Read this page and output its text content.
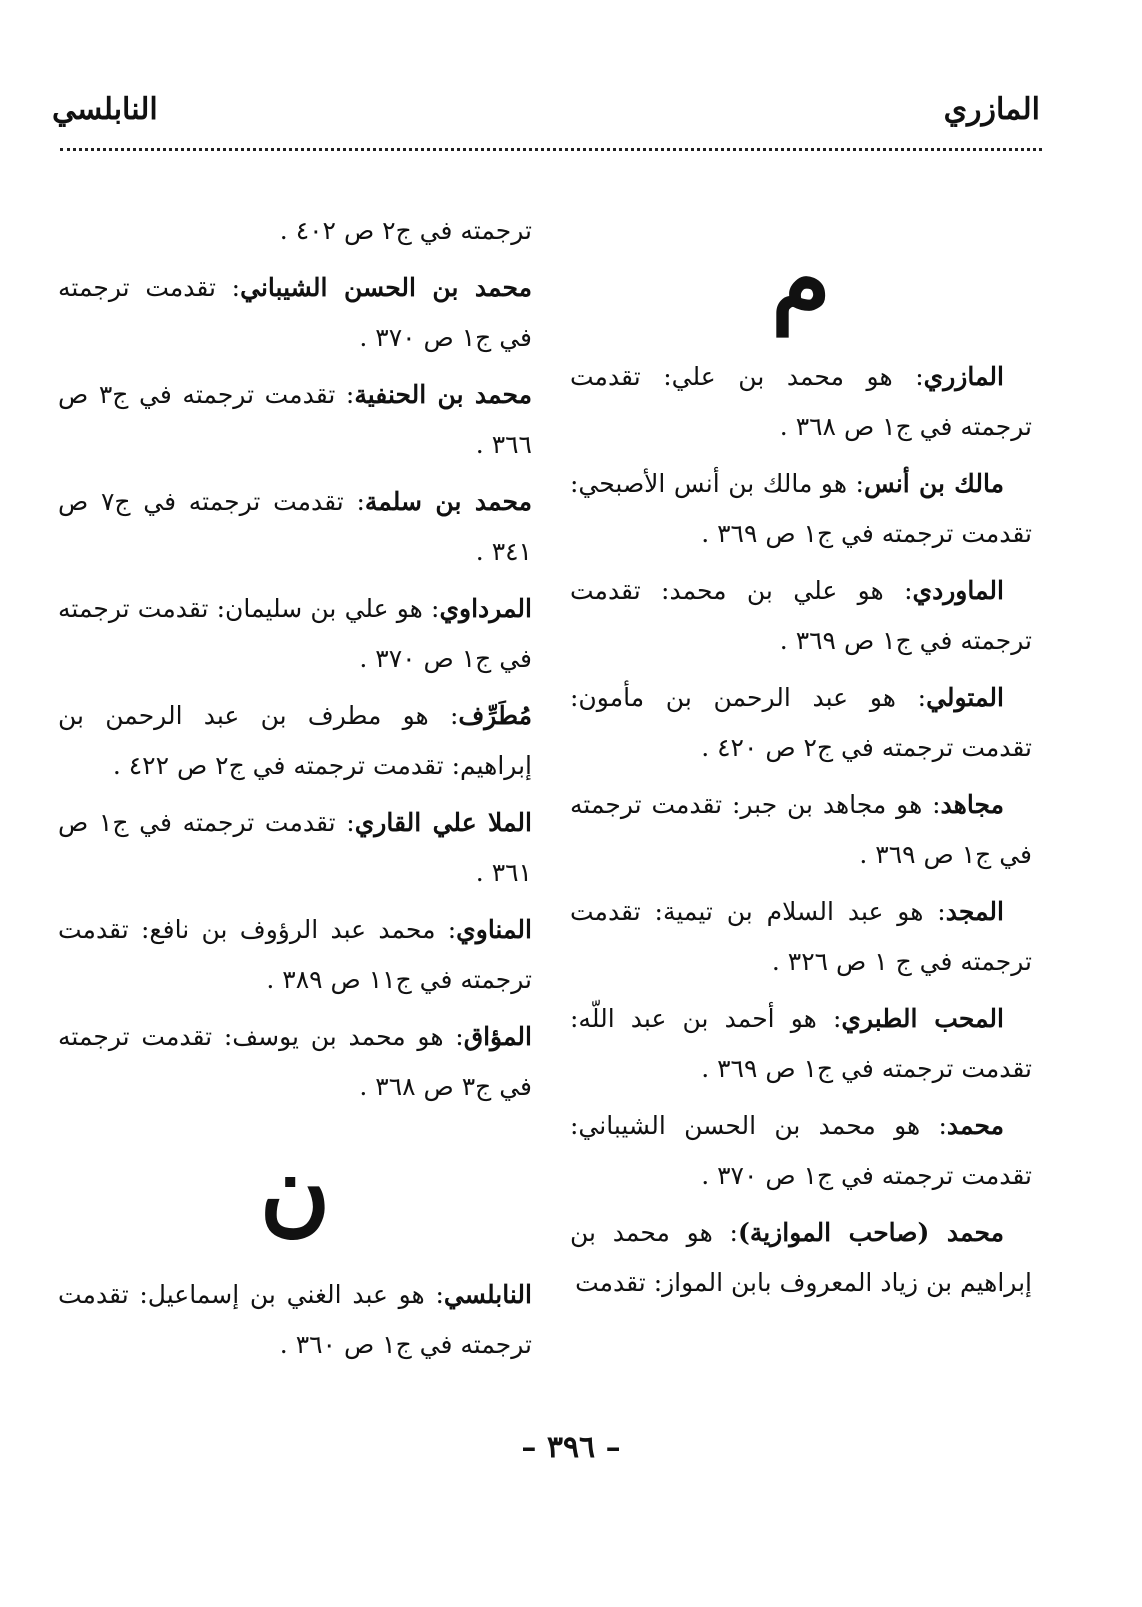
المازري
النابلسي
م
المازري: هو محمد بن علي: تقدمت ترجمته في ج١ ص ٣٦٨ .
مالك بن أنس: هو مالك بن أنس الأصبحي: تقدمت ترجمته في ج١ ص ٣٦٩ .
الماوردي: هو علي بن محمد: تقدمت ترجمته في ج١ ص ٣٦٩ .
المتولي: هو عبد الرحمن بن مأمون: تقدمت ترجمته في ج٢ ص ٤٢٠ .
مجاهد: هو مجاهد بن جبر: تقدمت ترجمته في ج١ ص ٣٦٩ .
المجد: هو عبد السلام بن تيمية: تقدمت ترجمته في ج ١ ص ٣٢٦ .
المحب الطبري: هو أحمد بن عبد اللّه: تقدمت ترجمته في ج١ ص ٣٦٩ .
محمد: هو محمد بن الحسن الشيباني: تقدمت ترجمته في ج١ ص ٣٧٠ .
محمد (صاحب الموازية): هو محمد بن إبراهيم بن زياد المعروف بابن المواز: تقدمت
ترجمته في ج٢ ص ٤٠٢ .
محمد بن الحسن الشيباني: تقدمت ترجمته في ج١ ص ٣٧٠ .
محمد بن الحنفية: تقدمت ترجمته في ج٣ ص ٣٦٦ .
محمد بن سلمة: تقدمت ترجمته في ج٧ ص ٣٤١ .
المرداوي: هو علي بن سليمان: تقدمت ترجمته في ج١ ص ٣٧٠ .
مُطَرِّف: هو مطرف بن عبد الرحمن بن إبراهيم: تقدمت ترجمته في ج٢ ص ٤٢٢ .
الملا علي القاري: تقدمت ترجمته في ج١ ص ٣٦١ .
المناوي: محمد عبد الرؤوف بن نافع: تقدمت ترجمته في ج١١ ص ٣٨٩ .
المؤاق: هو محمد بن يوسف: تقدمت ترجمته في ج٣ ص ٣٦٨ .
ن
النابلسي: هو عبد الغني بن إسماعيل: تقدمت ترجمته في ج١ ص ٣٦٠ .
– ٣٩٦ –
